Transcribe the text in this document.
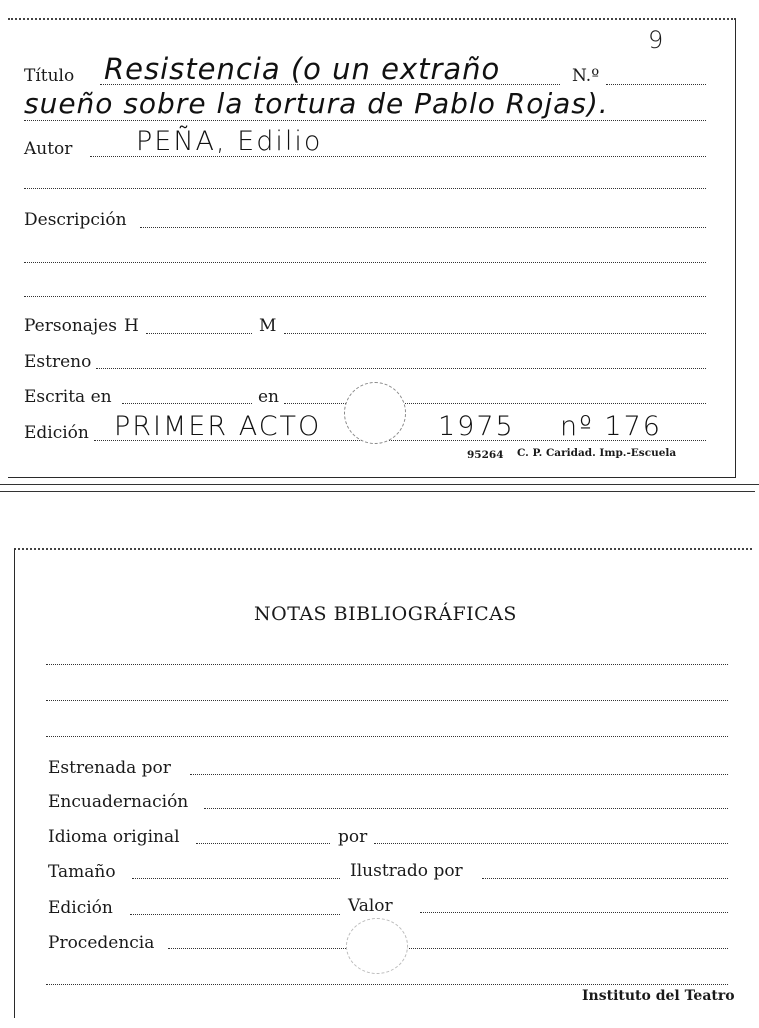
9
Título Resistencia (o un extraño	N.º
sueño sobre la tortura de Pablo Rojas).
Autor PEÑA, Edilio
Descripción
Personajes H	M
Estreno
Escrita en	en
Edición PRIMER ACTO	1975 nº 176
95264 C. P. Caridad. Imp.-Escuela
NOTAS BIBLIOGRÁFICAS
Estrenada por
Encuadernación
Idioma original	por
Tamaño	Ilustrado por
Edición	Valor
Procedencia
Instituto del Teatro
